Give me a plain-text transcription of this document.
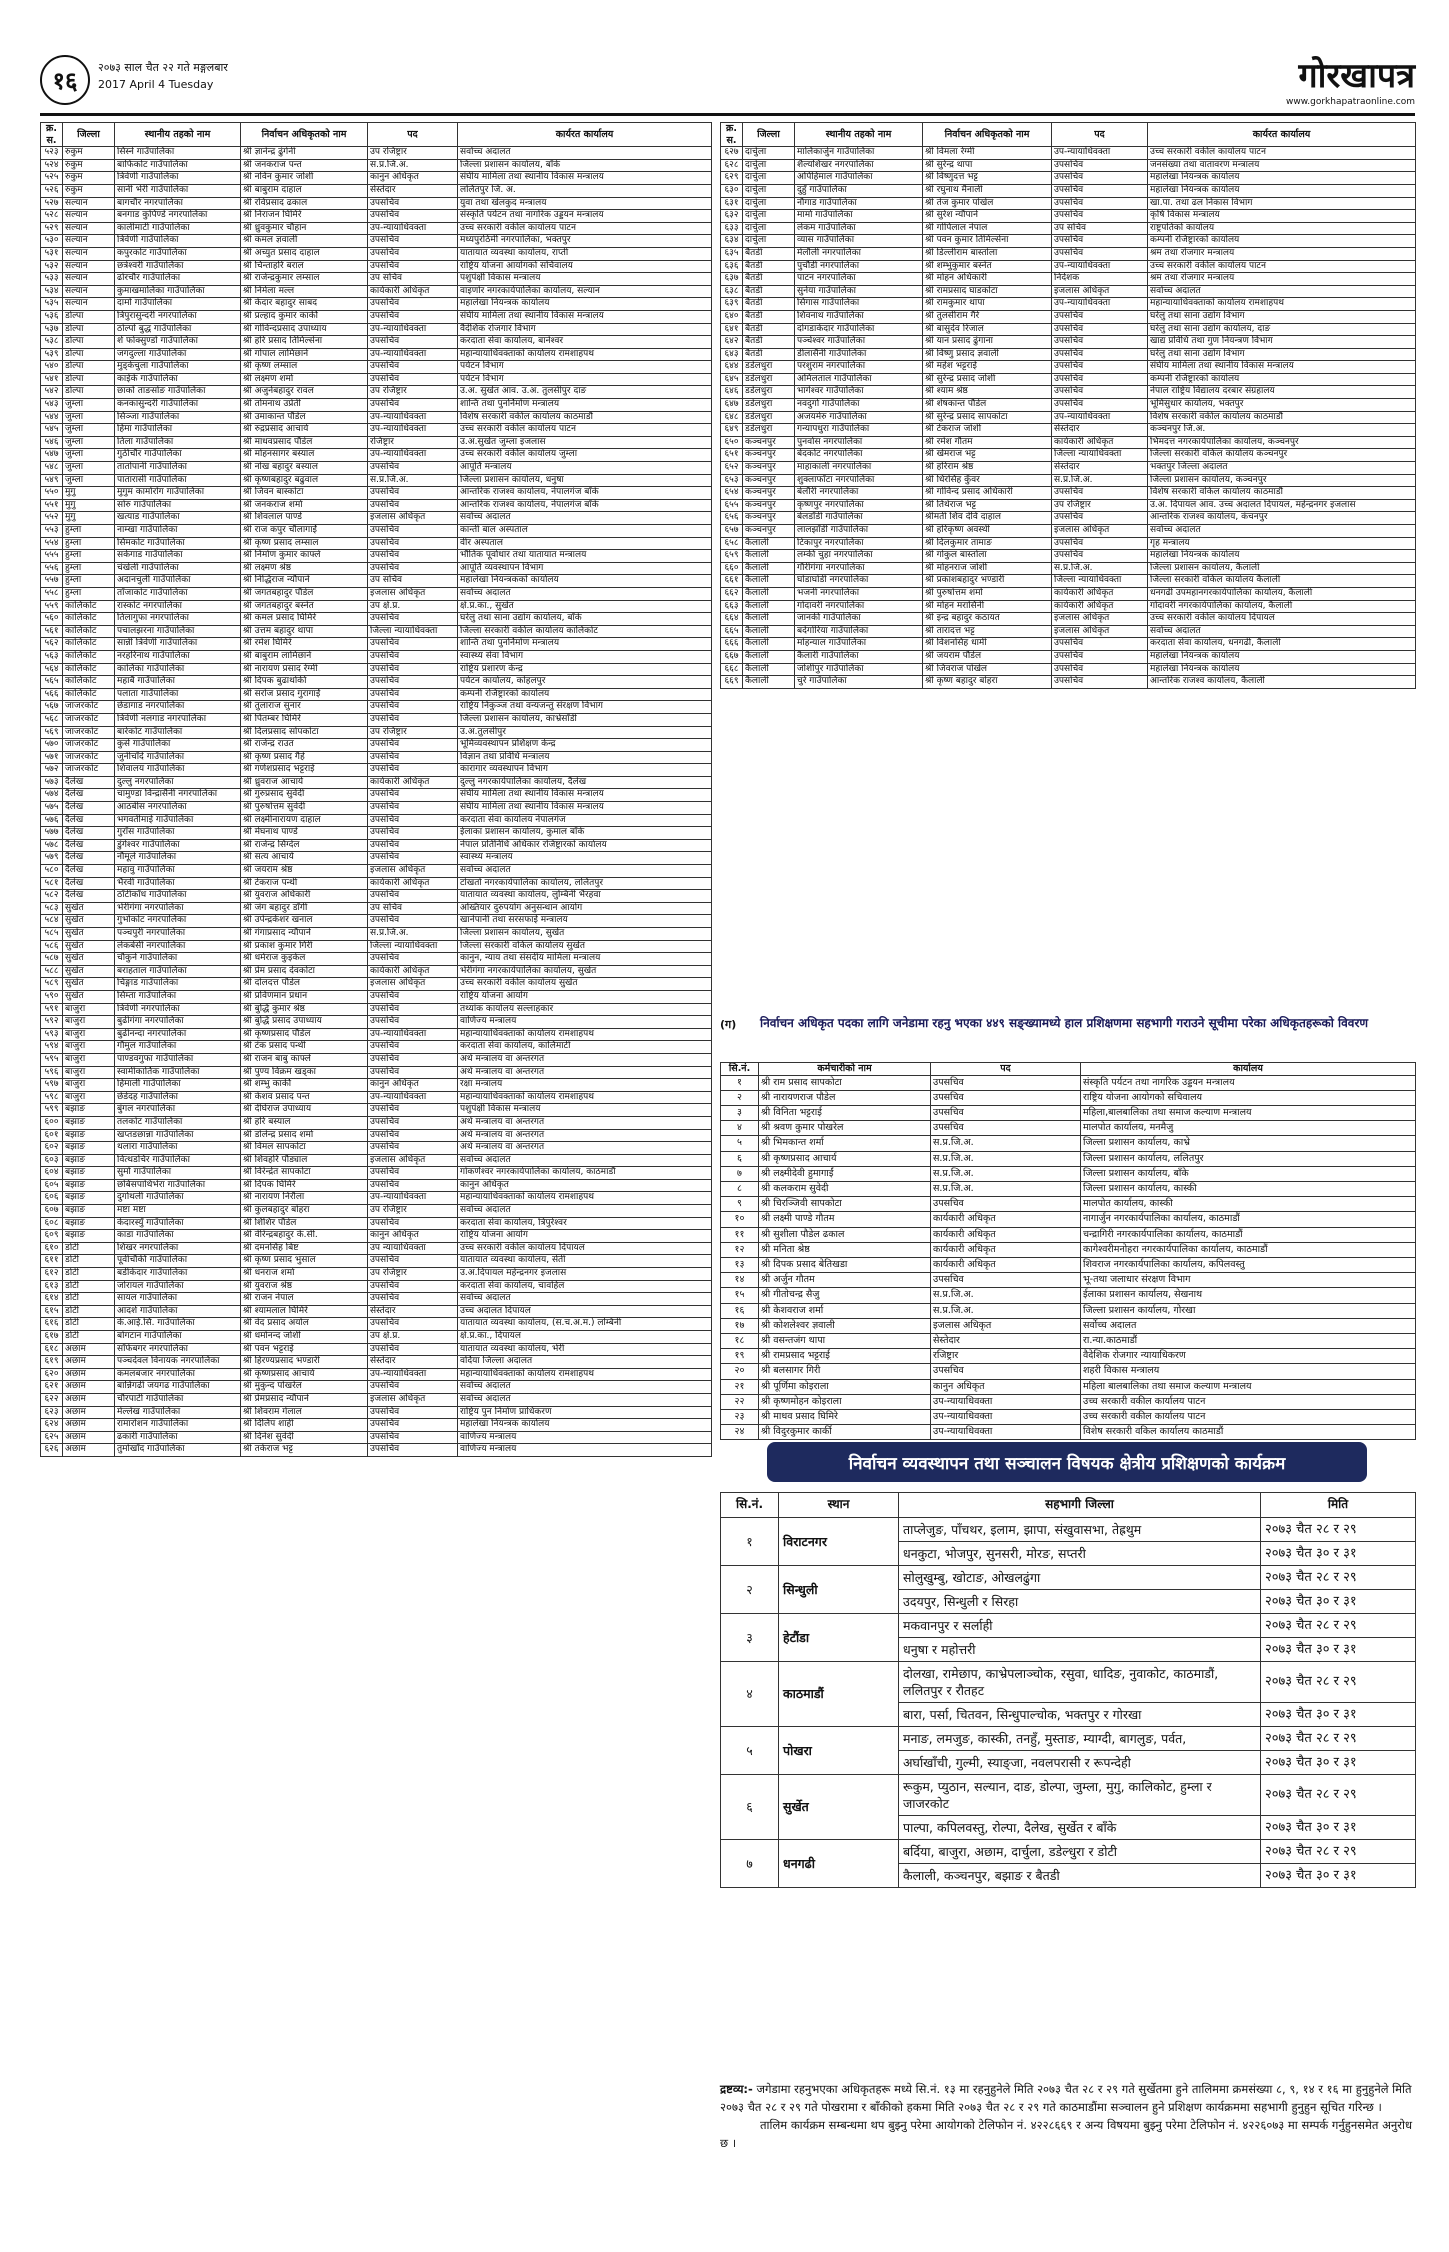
१६	२०७३ साल चैत २२ गते मङ्गलबार
2017 April 4 Tuesday	गोरखापत्र
www.gorkhapatraonline.com
क्र. स.	जिल्ला	स्थानीय तहको नाम	निर्वाचन अधिकृतको नाम	पद	कार्यरत कार्यालय
५२३	रुकुम	सिस्ने गाउँपालिका	श्री ज्ञानेन्द्र ढुंगेनी	उप रजिष्ट्रार	सर्वोच्च अदालत
५२४	रुकुम	बाफिकोट गाउँपालिका	श्री जनकराज पन्त	स.प्र.जि.अ.	जिल्ला प्रशासन कार्यालय, बाँके
५२५	रुकुम	त्रिवेणी गाउँपालिका	श्री नविन कुमार जोशी	कानुन अधिकृत	संघीय मामिला तथा स्थानीय विकास मन्त्रालय
५२६	रुकुम	सानी भेरी गाउँपालिका	श्री बाबुराम दाहाल	सेस्तेदार	ललितपुर जि. अ.
५२७	सल्यान	बागचौर नगरपालिका	श्री रविप्रसाद ढकाल	उपसचिव	युवा तथा खेलकुद मन्त्रालय
५२८	सल्यान	बनगाड कुपिण्डे नगरपालिका	श्री निराजन घिमिरे	उपसचिव	संस्कृति पर्यटन तथा नागरिक उड्डयन मन्त्रालय
५२९	सल्यान	कालीमाटी गाउँपालिका	श्री ध्रुवकुमार चौहान	उप-न्यायाधिवक्ता	उच्च सरकारी वकील कार्यालय पाटन
५३०	सल्यान	त्रिवेणी गाउँपालिका	श्री कमल ज्ञवाली	उपसचिव	मध्यपुरठिमी नगरपालिका, भक्तपुर
५३१	सल्यान	कपुरकोट गाउँपालिका	श्री अच्युत प्रसाद दाहाल	उपसचिव	यातायात व्यवस्था कार्यालय, राप्ती
५३२	सल्यान	छत्रेश्वरी गाउँपालिका	श्री चिन्ताहरि बराल	उपसचिव	राष्ट्रिय योजना आयोगको सचिवालय
५३३	सल्यान	ढोरचौर गाउँपालिका	श्री राजेन्द्रकुमार लम्साल	उप सचिव	पशुपंक्षी विकास मन्त्रालय
५३४	सल्यान	कुमाखमालिका गाउँपालिका	श्री निर्मला मल्ल	कार्यकारी अधिकृत	वाइणोर नगरकार्यपालिका कार्यालय, सल्यान
५३५	सल्यान	दार्मा गाउँपालिका	श्री केदार बहादुर साबद	उपसचिव	महालेखा नियन्त्रक कार्यालय
५३६	डोल्पा	त्रिपुरासुन्दरी नगरपालिका	श्री प्रल्हाद कुमार कार्की	उपसचिव	संघीय मामिला तथा स्थानीय विकास मन्त्रालय
५३७	डोल्पा	ठोल्पो बुद्ध गाउँपालिका	श्री गोविन्दप्रसाद उपाध्याय	उप-न्यायाधिवक्ता	वैदेशिक रोजगार विभाग
५३८	डोल्पा	शे फोक्सुण्डो गाउँपालिका	श्री हरि प्रसाद तिमिल्सेना	उपसचिव	करदाता सेवा कार्यालय, बानेश्वर
५३९	डोल्पा	जगदुल्ला गाउँपालिका	श्री गोपाल लामिछाने	उप-न्यायाधिवक्ता	महान्यायाधिवक्ताको कार्यालय रामशाहपथ
५४०	डोल्पा	मुड्केचुला गाउँपालिका	श्री कृष्ण लम्साल	उपसचिव	पर्यटन विभाग
५४१	डोल्पा	काईके गाउँपालिका	श्री लक्ष्मण शर्मा	उपसचिव	पर्यटन विभाग
५४२	डोल्पा	छार्का ताङसोङ गाउँपालिका	श्री अजुर्नबहादुर रावल	उप रजिष्ट्रार	उ.अ. सुर्खेत आव. उ.अ. तुलसीपुर दाङ
५४३	जुम्ला	कनकासुन्दरी गाउँपालिका	श्री तोमनाथ उप्रेती	उपसचिव	शान्ति तथा पुनर्निर्माण मन्त्रालय
५४४	जुम्ला	सिञ्जा गाउँपालिका	श्री उमाकान्त पौडेल	उप-न्यायाधिवक्ता	विशेष सरकारी वकील कार्यालय काठमाडौं
५४५	जुम्ला	हिमा गाउँपालिका	श्री रुद्रप्रसाद आचार्य	उप-न्यायाधिवक्ता	उच्च सरकारी वकील कार्यालय पाटन
५४६	जुम्ला	तिला गाउँपालिका	श्री माधवप्रसाद पौडेल	रजिष्ट्रार	उ.अ.सुर्खेत जुम्ला इजलास
५४७	जुम्ला	गुठीचौर गाउँपालिका	श्री मोहनसागर बस्याल	उप-न्यायाधिवक्ता	उच्च सरकारी वकील कार्यालय जुम्ला
५४८	जुम्ला	तातोपानी गाउँपालिका	श्री नोख बहादुर बस्याल	उपसचिव	आपूर्ति मन्त्रालय
५४९	जुम्ला	पातारासी गाउँपालिका	श्री कृष्णबहादुर बढुवाल	स.प्र.जि.अ.	जिल्ला प्रशासन कार्यालय, धनुषा
५५०	मुगु	मुगुम कार्मारोंग गाउँपालिका	श्री जिवन बास्कोटा	उपसचिव	आन्तरिक राजश्व कार्यालय, नेपालगंज बाँके
५५१	मुगु	सोरु गाउँपालिका	श्री जनकराज शर्मा	उपसचिव	आन्तरिक राजश्व कार्यालय, नेपालगंज बाँके
५५२	मुगु	खत्याड गाउँपालिका	श्री शिवलाल पाण्डे	इजलास अधिकृत	सर्वोच्च अदालत
५५३	हुम्ला	नाम्खा गाउँपालिका	श्री राज कपुर चौलागाईं	उपसचिव	कान्ती बाल अस्पताल
५५४	हुम्ला	सिमकोट गाउँपालिका	श्री कृष्ण प्रसाद लम्साल	उपसचिव	वीर अस्पताल
५५५	हुम्ला	सर्केगाड गाउँपालिका	श्री निर्माण कुमार काफ्ले	उपसचिव	भौतिक पूर्वाधार तथा यातायात मन्त्रालय
५५६	हुम्ला	चंखेली गाउँपालिका	श्री लक्ष्मण श्रेष्ठ	उपसचिव	आपूर्ति व्यवस्थापन विभाग
५५७	हुम्ला	अदानचुली गाउँपालिका	श्री निद्धिराज न्यौपाने	उप सचिव	महालेखा नियन्त्रकको कार्यालय
५५८	हुम्ला	ताँजाकोट गाउँपालिका	श्री जगतबहादुर पौडेल	इजलास अधिकृत	सर्वोच्च अदालत
५५९	कालिकोट	रास्कोट नगरपालिका	श्री जगतबहादुर बस्नेत	उप क्षे.प्र.	क्षे.प्र.का., सुर्खेत
५६०	कालिकोट	तिलागुफा नगरपालिका	श्री कमल प्रसाद घिमिरे	उपसचिव	घरेलु तथा साना उद्योग कार्यालय, बाँके
५६१	कालिकोट	पचालझरना गाउँपालिका	श्री उत्तम बहादुर थापा	जिल्ला न्यायाधिवक्ता	जिल्ला सरकारी वकील कार्यालय कालिकोट
५६२	कालिकोट	सान्नी त्रिवेणी गाउँपालिका	श्री रमेश घिमिरे	उपसचिव	शान्ति तथा पुनर्निर्माण मन्त्रालय
५६३	कालिकोट	नरहरिनाथ गाउँपालिका	श्री बाबुराम लामिछाने	उपसचिव	स्वास्थ्य सेवा विभाग
५६४	कालिकोट	कालिका गाउँपालिका	श्री नारायण प्रसाद रेग्मी	उपसचिव	राष्ट्रिय प्रशारण केन्द्र
५६५	कालिकोट	महाबै गाउँपालिका	श्री दिपक बुढाथोकी	उपसचिव	पर्यटन कार्यालय, कोहलपुर
५६६	कालिकोट	पलाता गाउँपालिका	श्री सरोज प्रसाद गुरागाईं	उपसचिव	कम्पनी रजिष्ट्रारको कार्यालय
५६७	जाजरकोट	छेडागाड नगरपालिका	श्री तुलाराज सुनार	उपसचिव	राष्ट्रिय निकुञ्ज तथा वन्यजन्तु संरक्षण विभाग
५६८	जाजरकोट	त्रिवेणी नलगाड नगरपालिका	श्री पितम्बर घिमिरे	उपसचिव	जिल्ला प्रशासन कार्यालय, काभ्रेसाँडी
५६९	जाजरकोट	बारेकोट गाउँपालिका	श्री दिलप्रसाद सोपकोटा	उप रजिष्ट्रार	उ.अ.तुलसीपुर
५७०	जाजरकोट	कुसे गाउँपालिका	श्री राजेन्द्र राउत	उपसचिव	भूमिव्यवस्थापन प्रशिक्षण केन्द्र
५७१	जाजरकोट	जुनीचाँदे गाउँपालिका	श्री कृष्ण प्रसाद गैहे	उपसचिव	विज्ञान तथा प्रविधि मन्त्रालय
५७२	जाजरकोट	शिवालय गाउँपालिका	श्री गणेशप्रसाद भट्टराई	उपसचिव	कारागार व्यवस्थापन विभाग
५७३	दैलेख	दुल्लु नगरपालिका	श्री ध्रुवराज आचार्य	कार्यकारी अधिकृत	दुल्लु नगरकार्यपालिका कार्यालय, दैलेख
५७४	दैलेख	चामुण्डा विन्द्रासैनी नगरपालिका	श्री गुरुप्रसाद सुवेदी	उपसचिव	संघीय मामिला तथा स्थानीय विकास मन्त्रालय
५७५	दैलेख	आठबीस नगरपालिका	श्री पुरुषोत्तम सुवेदी	उपसचिव	संघीय मामिला तथा स्थानीय विकास मन्त्रालय
५७६	दैलेख	भगवतीमाई गाउँपालिका	श्री लक्ष्मीनारायण दाहाल	उपसचिव	करदाता सेवा कार्यालय नेपालगंज
५७७	दैलेख	गुराँस गाउँपालिका	श्री मेघनाथ पाण्डे	उपसचिव	ईलाका प्रशासन कार्यालय, कुमाल बाँके
५७८	दैलेख	डुंगेश्वर गाउँपालिका	श्री राजेन्द्र सिग्देल	उपसचिव	नेपाल प्रतिनिधि अधिकार रजिष्ट्रारको कार्यालय
५७९	दैलेख	नौमूले गाउँपालिका	श्री सत्य आचार्य	उपसचिव	स्वास्थ्य मन्त्रालय
५८०	दैलेख	महावु गाउँपालिका	श्री जयराम श्रेष्ठ	इजलास अधिकृत	सर्वोच्च अदालत
५८१	दैलेख	भैरवी गाउँपालिका	श्री टेकराज पन्थी	कार्यकारी अधिकृत	टोखर्ता नगरकार्यपालिका कार्यालय, ललितपुर
५८२	दैलेख	ठाँटीकाँध गाउँपालिका	श्री युवराज अधिकारी	उपसचिव	यातायात व्यवस्था कार्यालय, लुम्बिनी भैरहवा
५८३	सुर्खेत	भेरीगंगा नगरपालिका	श्री जंग बहादुर डाँगी	उप सचिव	अख्तियार दुरुपयोग अनुसन्धान आयोग
५८४	सुर्खेत	गुर्भाकोट नगरपालिका	श्री उपेन्द्रकेशर खनाल	उपसचिव	खानेपानी तथा सरसफाई मन्त्रालय
५८५	सुर्खेत	पञ्चपुरी नगरपालिका	श्री गंगाप्रसाद न्यौपाने	स.प्र.जि.अ.	जिल्ला प्रशासन कार्यालय, सुर्खेत
५८६	सुर्खेत	लेकबेसी नगरपालिका	श्री प्रकाश कुमार गिरी	जिल्ला न्यायाधिवक्ता	जिल्ला सरकारी वकिल कार्यालय सुर्खेत
५८७	सुर्खेत	चौकुने गाउँपालिका	श्री धर्मराज कुइकेल	उपसचिव	कानुन, न्याय तथा संसदीय मामिला मन्त्रालय
५८८	सुर्खेत	बराहताल गाउँपालिका	श्री प्रेम प्रसाद देवकोटा	कार्यकारी अधिकृत	भेरीगंगा नगरकार्यपालिका कार्यालय, सुर्खेत
५८९	सुर्खेत	चिङ्गाड गाउँपालिका	श्री दोलदत्त पौडेल	इजलास अधिकृत	उच्च सरकारी वकील कार्यालय सुर्खेत
५९०	सुर्खेत	सिम्ता गाउँपालिका	श्री प्रविणमान प्रधान	उपसचिव	राष्ट्रिय योजना आयोग
५९१	बाजुरा	त्रिवेणी नगरपालिका	श्री बुद्धि कुमार श्रेष्ठ	उपसचिव	तथ्यांक कार्यालय सल्लाहकार
५९२	बाजुरा	बुढीगंगा नगरपालिका	श्री बुद्धि प्रसाद उपाध्याय	उपसचिव	वाणिज्य मन्त्रालय
५९३	बाजुरा	बुढीनन्दा नगरपालिका	श्री कृष्णप्रसाद पौडेल	उप-न्यायाधिवक्ता	महान्यायाधिवक्ताको कार्यालय रामशाहपथ
५९४	बाजुरा	गौमुल गाउँपालिका	श्री टंक प्रसाद पन्थी	उपसचिव	करदाता सेवा कार्यालय, कालिमाटी
५९५	बाजुरा	पाण्डवगुफा गाउँपालिका	श्री राजन बाबु काफ्ले	उपसचिव	अर्थ मन्त्रालय वा अन्तरगत
५९६	बाजुरा	स्वामीकार्तिक गाउँपालिका	श्री पुण्य विक्रम खड्का	उपसचिव	अर्थ मन्त्रालय वा अन्तरगत
५९७	बाजुरा	हिमाली गाउँपालिका	श्री शम्भु कार्की	कानुन अधिकृत	रक्षा मन्त्रालय
५९८	बाजुरा	छेडेदह गाउँपालिका	श्री केशव प्रसाद पन्त	उप-न्यायाधिवक्ता	महान्यायाधिवक्ताको कार्यालय रामशाहपथ
५९९	बझाङ	बुंगल नगरपालिका	श्री दीर्घराज उपाध्याय	उपसचिव	पशुपंक्षी विकास मन्त्रालय
६००	बझाङ	तलकोट गाउँपालिका	श्री हरि बस्याल	उपसचिव	अर्थ मन्त्रालय वा अन्तरगत
६०१	बझाङ	खप्तडछान्ना गाउँपालिका	श्री डोलेन्द्र प्रसाद शर्मा	उपसचिव	अर्थ मन्त्रालय वा अन्तरगत
६०२	बझाङ	थलारा गाउँपालिका	श्री विमल सापकोटा	उपसचिव	अर्थ मन्त्रालय वा अन्तरगत
६०३	बझाङ	वित्थडचिर गाउँपालिका	श्री शिवहरि पौड्याल	इजलास अधिकृत	सर्वोच्च अदालत
६०४	बझाङ	सुर्मा गाउँपालिका	श्री विरेन्द्रेत सापकोटा	उपसचिव	गोकर्णेश्वर नगरकार्यपालिका कार्यालय, काठमाडौं
६०५	बझाङ	छबिसपाथिभेरा गाउँपालिका	श्री दिपक घिमिरे	उपसचिव	कानुन अधिकृत
६०६	बझाङ	दुर्गाथली गाउँपालिका	श्री नारायण निरौला	उप-न्यायाधिवक्ता	महान्यायाधिवक्ताको कार्यालय रामशाहपथ
६०७	बझाङ	मष्टा मष्टा	श्री कुलबहादुर बोहरा	उप रजिष्ट्रार	सर्वोच्च अदालत
६०८	बझाङ	केदारस्युँ गाउँपालिका	श्री शिशिर पौडेल	उपसचिव	करदाता सेवा कार्यालय, त्रिपुरेश्वर
६०९	बझाङ	काडा गाउँपालिका	श्री वीरेन्द्रबहादुर के.सी.	कानुन अधिकृत	राष्ट्रिय योजना आयोग
६१०	डोटी	शिखर नगरपालिका	श्री दमनसिंह बिष्ट	उप न्यायाधिवक्ता	उच्च सरकारी वकील कार्यालय दिपायल
६११	डोटी	पूर्वीचौकी गाउँपालिका	श्री कृष्ण प्रसाद भुसाल	उपसचिव	यातायात व्यवस्था कार्यालय, सेती
६१२	डोटी	बडीकेदार गाउँपालिका	श्री धनराज शर्मा	उप रजिष्ट्रार	उ.अ.दिपायल महेन्द्रनगर इजलास
६१३	डोटी	जोरायल गाउँपालिका	श्री युवराज श्रेष्ठ	उपसचिव	करदाता सेवा कार्यालय, चावहिल
६१४	डोटी	सायल गाउँपालिका	श्री राजन नेपाल	उपसचिव	सर्वोच्च अदालत
६१५	डोटी	आदर्श गाउँपालिका	श्री श्यामलाल घिमिरे	सेस्तेदार	उच्च अदालत दिपायल
६१६	डोटी	के.आई.सिं. गाउँपालिका	श्री वेद प्रसाद अर्याल	उपसचिव	यातायात व्यवस्था कार्यालय, (स.च.अ.म.) लम्बिनी
६१७	डोटी	बोगटान गाउँपालिका	श्री धर्मानन्द जोशी	उप क्षे.प्र.	क्षे.प्र.का., दिपायल
६१८	अछाम	साँफेबगर नगरपालिका	श्री पवन भट्टराई	उपसचिव	यातायात व्यवस्था कार्यालय, भेरी
६१९	अछाम	पञ्चदेवल विनायक नगरपालिका	श्री हिरण्यप्रसाद भण्डारी	सेस्तेदार	वर्दिया जिल्ला अदालत
६२०	अछाम	कमलबजार नगरपालिका	श्री कृष्णप्रसाद आचार्य	उप-न्यायाधिवक्ता	महान्यायाधिवक्ताको कार्यालय रामशाहपथ
६२१	अछाम	बान्निगढी जयगढ गाउँपालिका	श्री मुकुन्द पोखरेल	उपसचिव	सर्वोच्च अदालत
६२२	अछाम	चौरपाटी गाउँपालिका	श्री प्रेमप्रसाद न्यौपाने	इजलास अधिकृत	सर्वोच्च अदालत
६२३	अछाम	मेल्लेख गाउँपालिका	श्री शिवराम गेलाल	उपसचिव	राष्ट्रिय पुन निर्माण प्राधिकरण
६२४	अछाम	रामारोशन गाउँपालिका	श्री दिलिप शाही	उपसचिव	महालेखा नियन्त्रक कार्यालय
६२५	अछाम	ढकारी गाउँपालिका	श्री दिनेश सुवेदी	उपसचिव	वाणिज्य मन्त्रालय
६२६	अछाम	तुर्माखाँद गाउँपालिका	श्री तर्कराज भट्ट	उपसचिव	वाणिज्य मन्त्रालय
क्र. स.	जिल्ला	स्थानीय तहको नाम	निर्वाचन अधिकृतको नाम	पद	कार्यरत कार्यालय
६२७	दार्चुला	मालिकार्जुन गाउँपालिका	श्री विमला रेग्मी	उप-न्यायाधिवक्ता	उच्च सरकारी वकील कार्यालय पाटन
६२८	दार्चुला	शैल्यशिखर नगरपालिका	श्री सुरेन्द्र थापा	उपसचिव	जनसंख्या तथा वातावरण मन्त्रालय
६२९	दार्चुला	अपिहिमाल गाउँपालिका	श्री विष्णुदत्त भट्ट	उपसचिव	महालेखा नियन्त्रक कार्यालय
६३०	दार्चुला	दुहुँ गाउँपालिका	श्री रघुनाथ मैनाली	उपसचिव	महालेखा नियन्त्रक कार्यालय
६३१	दार्चुला	नौगाड गाउँपालिका	श्री तेज कुमार पोखेल	उपसचिव	खा.पा. तथा ढल निकास विभाग
६३२	दार्चुला	मार्मा गाउँपालिका	श्री सुरेश न्यौपाने	उपसचिव	कृषि विकास मन्त्रालय
६३३	दार्चुला	लेकम गाउँपालिका	श्री गोपिलाल नेपाल	उप सचिव	राष्ट्रपतिको कार्यालय
६३४	दार्चुला	व्यास गाउँपालिका	श्री पवन कुमार तिमिल्सेना	उपसचिव	कम्पनी रजिष्ट्रारको कार्यालय
६३५	बैतडी	मेलौली नगरपालिका	श्री डिल्लीराम बास्तोला	उपसचिव	श्रम तथा रोजगार मन्त्रालय
६३६	बैतडी	पुर्चौडी नगरपालिका	श्री शम्भुकुमार बस्नेत	उप-न्यायाधिवक्ता	उच्च सरकारी वकील कार्यालय पाटन
६३७	बैतडी	पाटन नगरपालिका	श्री मोहन अधिकारी	निर्देशक	श्रम तथा रोजगार मन्त्रालय
६३८	बैतडी	सुर्नया गाउँपालिका	श्री रामप्रसाद घाडकोटा	इजलास अधिकृत	सर्वोच्च अदालत
६३९	बैतडी	सिगास गाउँपालिका	श्री रामकुमार थापा	उप-न्यायाधिवक्ता	महान्यायाधिवक्ताको कार्यालय रामशाहपथ
६४०	बैतडी	शिवनाथ गाउँपालिका	श्री तुलसीराम गैरे	उपसचिव	घरेलु तथा साना उद्योग विभाग
६४१	बैतडी	दोगडाकेदार गाउँपालिका	श्री बासुदेव रिजाल	उपसचिव	घरेलु तथा साना उद्योग कार्यालय, दाङ
६४२	बैतडी	पञ्चेश्वर गाउँपालिका	श्री यान प्रसाद ढुंगाना	उपसचिव	खाद्य प्रविधि तथा गुण नियन्त्रण विभाग
६४३	बैतडी	डीलासैनी गाउँपालिका	श्री विष्णु प्रसाद ज्ञवाली	उपसचिव	घरेलु तथा साना उद्योग विभाग
६४४	डडेलधुरा	परशुराम नगरपालिका	श्री महेश भट्टराई	उपसचिव	संघीय मामिला तथा स्थानीय विकास मन्त्रालय
६४५	डडेलधुरा	अमिलताल गाउँपालिका	श्री सुरेन्द्र प्रसाद जोशी	उपसचिव	कम्पनी रजिष्ट्रारको कार्यालय
६४६	डडेलधुरा	भागेश्वर गाउँपालिका	श्री श्याम श्रेष्ठ	उपसचिव	नेपाल राष्ट्रिय विद्यालय दरबार संग्रहालय
६४७	डडेलधुरा	नवदुर्गा गाउँपालिका	श्री शेषकान्त पौडेल	उपसचिव	भूमिसुधार कार्यालय, भक्तपुर
६४८	डडेलधुरा	अजयमेरु गाउँपालिका	श्री सुरेन्द्र प्रसाद सापकोटा	उप-न्यायाधिवक्ता	विशेष सरकारी वकील कार्यालय काठमाडौं
६४९	डडेलधुरा	गन्यापधुरा गाउँपालिका	श्री टेकराज जोशी	सेस्तेदार	कञ्चनपुर जि.अ.
६५०	कञ्चनपुर	पुनर्वास नगरपालिका	श्री रमेश गौतम	कार्यकारी अधिकृत	भिमदत्त नगरकार्यपालिका कार्यालय, कञ्चनपुर
६५१	कञ्चनपुर	बेदकोट नगरपालिका	श्री खेमराज भट्ट	जिल्ला न्यायाधिवक्ता	जिल्ला सरकारी वकिल कार्यालय कञ्चनपुर
६५२	कञ्चनपुर	माहाकाली नगरपालिका	श्री हरिराम श्रेष्ठ	सेस्तेदार	भक्तपुर जिल्ला अदालत
६५३	कञ्चनपुर	शुक्लाफाँटा नगरपालिका	श्री धिरसिंह कुँवर	स.प्र.जि.अ.	जिल्ला प्रशासन कार्यालय, कञ्चनपुर
६५४	कञ्चनपुर	बेलौरी नगरपालिका	श्री गोविन्द प्रसाद अधिकारी	उपसचिव	विशेष सरकारी वकिल कार्यालय काठमाडौं
६५५	कञ्चनपुर	कृष्णपुर नगरपालिका	श्री तिर्थराज भट्ट	उप रजिष्ट्रार	उ.अ. दिपायल आव. उच्च अदालत दिपायल, महेन्द्रनगर इजलास
६५६	कञ्चनपुर	बेलडाँडी गाउँपालिका	श्रीमती शिव देवि दाहाल	उपसचिव	आन्तरिक राजश्व कार्यालय, कंचनपुर
६५७	कञ्चनपुर	लालझाँडी गाउँपालिका	श्री हरिकृष्ण अवस्थी	इजलास अधिकृत	सर्वोच्च अदालत
६५८	कैलाली	टिकापुर नगरपालिका	श्री दिलकुमार तामाङ	उपसचिव	गृह मन्त्रालय
६५९	कैलाली	लम्की चुहा नगरपालिका	श्री गोकुल बास्तोला	उपसचिव	महालेखा नियन्त्रक कार्यालय
६६०	कैलाली	गौरीगंगा नगरपालिका	श्री मोहनराज जोशी	स.प्र.जि.अ.	जिल्ला प्रशासन कार्यालय, कैलाली
६६१	कैलाली	घोडाघोडी नगरपालिका	श्री प्रकाशबहादुर भण्डारी	जिल्ला न्यायाधिवक्ता	जिल्ला सरकारी वकिल कार्यालय कैलाली
६६२	कैलाली	भजनी नगरपालिका	श्री पुरुषोत्तम शर्मा	कार्यकारी अधिकृत	धनगढी उपमहानगरकार्यपालिका कार्यालय, कैलाली
६६३	कैलाली	गोदावरी नगरपालिका	श्री मोहन मरासिनी	कार्यकारी अधिकृत	गोदावरी नगरकार्यपालिका कार्यालय, कैलाली
६६४	कैलाली	जानकी गाउँपालिका	श्री इन्द्र बहादुर कठायत	इजलास अधिकृत	उच्च सरकारी वकील कार्यालय दिपायल
६६५	कैलाली	बर्दगोरिया गाउँपालिका	श्री तारादत्त भट्ट	इजलास अधिकृत	सर्वोच्च अदालत
६६६	कैलाली	मोहन्याल गाउँपालिका	श्री विशनसिंह धामी	उपसचिव	करदाता सेवा कार्यालय, धनगढी, कैलाली
६६७	कैलाली	कैलारी गाउँपालिका	श्री जयराम पौडेल	उपसचिव	महालेखा नियन्त्रक कार्यालय
६६८	कैलाली	जोशीपुर गाउँपालिका	श्री जिवराज पोखेल	उपसचिव	महालेखा नियन्त्रक कार्यालय
६६९	कैलाली	चुरे गाउँपालिका	श्री कृष्ण बहादुर बोहरा	उपसचिव	आन्तरिक राजश्व कार्यालय, कैलाली
(ग) निर्वाचन अधिकृत पदका लागि जनेडामा रहनु भएका ४४९ सङ्ख्यामध्ये हाल प्रशिक्षणमा सहभागी गराउने सूचीमा परेका अधिकृतहरूको विवरण
सि.नं.	कर्मचारीको नाम	पद	कार्यालय
१	श्री राम प्रसाद सापकोटा	उपसचिव	संस्कृति पर्यटन तथा नागरिक उड्डयन मन्त्रालय
२	श्री नारायणराज पौडेल	उपसचिव	राष्ट्रिय योजना आयोगको सचिवालय
३	श्री विनिता भट्टराई	उपसचिव	महिला,बालबालिका तथा समाज कल्याण मन्त्रालय
४	श्री श्रवण कुमार पोखरेल	उपसचिव	मालपोत कार्यालय, मनमैजु
५	श्री भिमकान्त शर्मा	स.प्र.जि.अ.	जिल्ला प्रशासन कार्यालय, काभ्रे
६	श्री कृष्णप्रसाद आचार्य	स.प्र.जि.अ.	जिल्ला प्रशासन कार्यालय, ललितपुर
७	श्री लक्ष्मीदेवी हुमागाईं	स.प्र.जि.अ.	जिल्ला प्रशासन कार्यालय, बाँके
८	श्री कलकराम सुवेदी	स.प्र.जि.अ.	जिल्ला प्रशासन कार्यालय, कास्की
९	श्री चिरञ्जिवी सापकोटा	उपसचिव	मालपोत कार्यालय, कास्की
१०	श्री लक्ष्मी पाण्डे गौतम	कार्यकारी अधिकृत	नागार्जुन नगरकार्यपालिका कार्यालय, काठमाडौं
११	श्री सुशीला पौडेल ढकाल	कार्यकारी अधिकृत	चन्द्रागिरी नगरकार्यपालिका कार्यालय, काठमाडौं
१२	श्री मनिता श्रेष्ठ	कार्यकारी अधिकृत	कागेश्वरीमनोहरा नगरकार्यपालिका कार्यालय, काठमाडौं
१३	श्री दिपक प्रसाद बेतिखडा	कार्यकारी अधिकृत	शिवराज नगरकार्यपालिका कार्यालय, कपिलवस्तु
१४	श्री अर्जुन गौतम	उपसचिव	भू-तथा जलाधार संरक्षण विभाग
१५	श्री गीतोचन्द्र सैजु	स.प्र.जि.अ.	ईलाका प्रशासन कार्यालय, सेखनाथ
१६	श्री केशवराज शर्मा	स.प्र.जि.अ.	जिल्ला प्रशासन कार्यालय, गोरखा
१७	श्री कोशलेश्वर ज्ञवाली	इजलास अधिकृत	सर्वोच्च अदालत
१८	श्री वसन्तजंग थापा	सेस्तेदार	रा.न्या.काठमाडौं
१९	श्री रामप्रसाद भट्टराई	रजिष्ट्रार	वैदेशिक रोजगार न्यायाधिकरण
२०	श्री बलसागर गिरी	उपसचिव	शहरी विकास मन्त्रालय
२१	श्री पूर्णिमा कोइराला	कानुन अधिकृत	महिला बालबालिका तथा समाज कल्याण मन्त्रालय
२२	श्री कृष्णमोहन कोइराला	उप-न्यायाधिवक्ता	उच्च सरकारी वकील कार्यालय पाटन
२३	श्री माधव प्रसाद घिमिरे	उप-न्यायाधिवक्ता	उच्च सरकारी वकील कार्यालय पाटन
२४	श्री विदुरकुमार कार्की	उप-न्यायाधिवक्ता	विशेष सरकारी वकिल कार्यालय काठमाडौं
निर्वाचन व्यवस्थापन तथा सञ्चालन विषयक क्षेत्रीय प्रशिक्षणको कार्यक्रम
सि.नं.	स्थान	सहभागी जिल्ला	मिति
१	विराटनगर	ताप्लेजुङ, पाँचथर, इलाम, झापा, संखुवासभा, तेह्रथुम	२०७३ चैत २८ र २९
		धनकुटा, भोजपुर, सुनसरी, मोरङ, सप्तरी	२०७३ चैत ३० र ३१
२	सिन्धुली	सोलुखुम्बु, खोटाङ, ओखलढुंगा	२०७३ चैत २८ र २९
		उदयपुर, सिन्धुली र सिरहा	२०७३ चैत ३० र ३१
३	हेटौंडा	मकवानपुर र सर्लाही	२०७३ चैत २८ र २९
		धनुषा र महोत्तरी	२०७३ चैत ३० र ३१
४	काठमाडौं	दोलखा, रामेछाप, काभ्रेपलाञ्चोक, रसुवा, धादिङ, नुवाकोट, काठमाडौं, ललितपुर र रौतहट	२०७३ चैत २८ र २९
		बारा, पर्सा, चितवन, सिन्धुपाल्चोक, भक्तपुर र गोरखा	२०७३ चैत ३० र ३१
५	पोखरा	मनाङ, लमजुङ, कास्की, तनहुँ, मुस्ताङ, म्याग्दी, बागलुङ, पर्वत,	२०७३ चैत २८ र २९
		अर्घाखाँची, गुल्मी, स्याङ्जा, नवलपरासी र रूपन्देही	२०७३ चैत ३० र ३१
६	सुर्खेत	रूकुम, प्युठान, सल्यान, दाङ, डोल्पा, जुम्ला, मुगु, कालिकोट, हुम्ला र जाजरकोट	२०७३ चैत २८ र २९
		पाल्पा, कपिलवस्तु, रोल्पा, दैलेख, सुर्खेत र बाँके	२०७३ चैत ३० र ३१
७	धनगढी	बर्दिया, बाजुरा, अछाम, दार्चुला, डडेल्धुरा र डोटी	२०७३ चैत २८ र २९
		कैलाली, कञ्चनपुर, बझाङ र बैतडी	२०७३ चैत ३० र ३१
द्रष्टव्य:- जगेडामा रहनुभएका अधिकृतहरू मध्ये सि.नं. १३ मा रहनुहुनेले मिति २०७३ चैत २८ र २९ गते सुर्खेतमा हुने तालिममा क्रमसंख्या ८, ९, १४ र १६ मा हुनुहुनेले मिति २०७३ चैत २८ र २९ गते पोखरामा र बाँकीको हकमा मिति २०७३ चैत २८ र २९ गते काठमाडौंमा सञ्चालन हुने प्रशिक्षण कार्यक्रममा सहभागी हुनुहुन सूचित गरिन्छ ।
तालिम कार्यक्रम सम्बन्धमा थप बुझ्नु परेमा आयोगको टेलिफोन नं. ४२२८६६९ र अन्य विषयमा बुझ्नु परेमा टेलिफोन नं. ४२२६०७३ मा सम्पर्क गर्नुहुनसमेत अनुरोध छ ।
